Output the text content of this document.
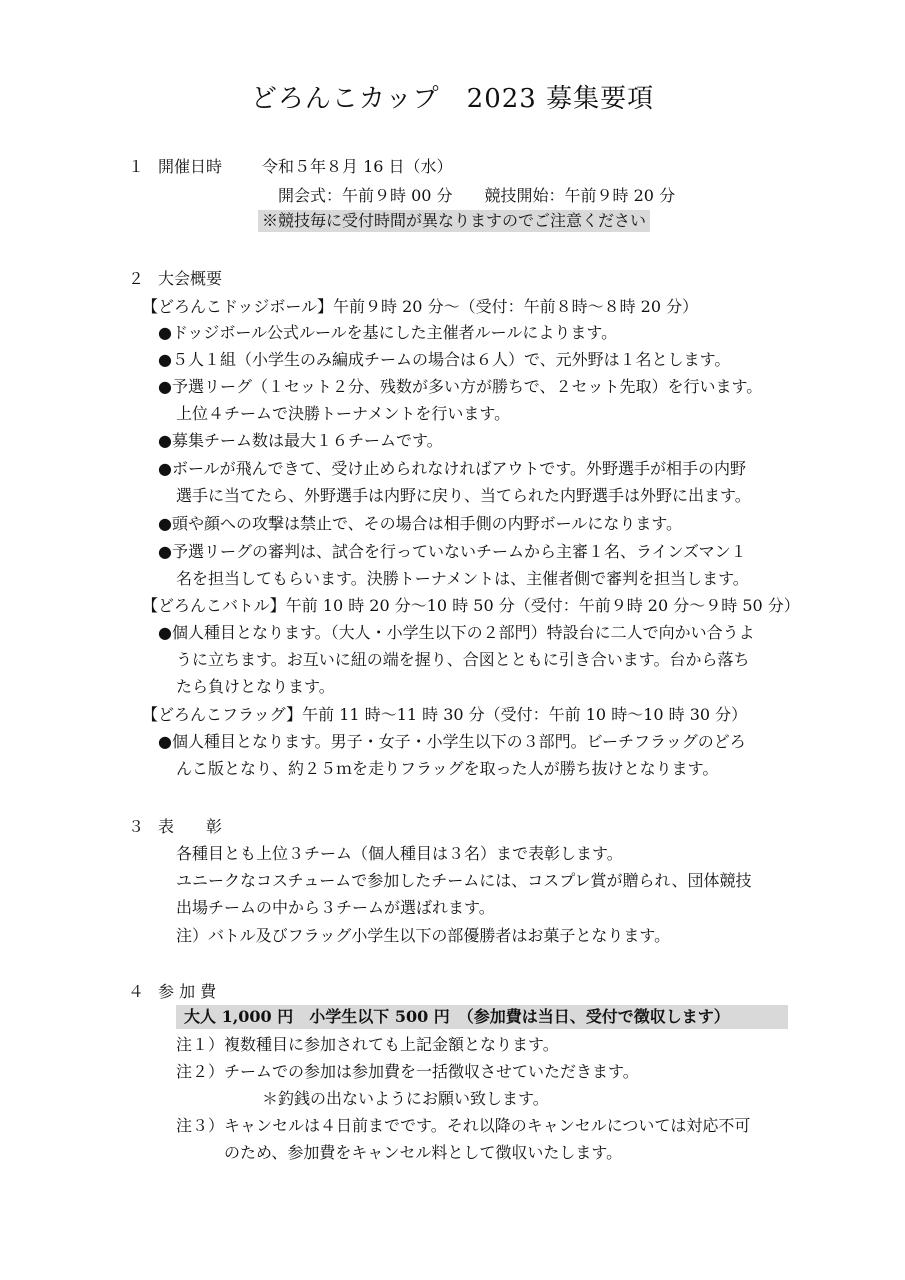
どろんこカップ　2023 募集要項
１ 開催日時 令和５年８月 16 日（水）
開会式：午前９時 00 分　　競技開始：午前９時 20 分
※競技毎に受付時間が異なりますのでご注意ください
２ 大会概要
【どろんこドッジボール】午前９時 20 分～（受付：午前８時～８時 20 分）
●ドッジボール公式ルールを基にした主催者ルールによります。
●５人１組（小学生のみ編成チームの場合は６人）で、元外野は１名とします。
●予選リーグ（１セット２分、残数が多い方が勝ちで、２セット先取）を行います。
上位４チームで決勝トーナメントを行います。
●募集チーム数は最大１６チームです。
●ボールが飛んできて、受け止められなければアウトです。外野選手が相手の内野
選手に当てたら、外野選手は内野に戻り、当てられた内野選手は外野に出ます。
●頭や顔への攻撃は禁止で、その場合は相手側の内野ボールになります。
●予選リーグの審判は、試合を行っていないチームから主審１名、ラインズマン１
名を担当してもらいます。決勝トーナメントは、主催者側で審判を担当します。
【どろんこバトル】午前 10 時 20 分～10 時 50 分（受付：午前９時 20 分～９時 50 分）
●個人種目となります。（大人・小学生以下の２部門）特設台に二人で向かい合うよ
うに立ちます。お互いに紐の端を握り、合図とともに引き合います。台から落ち
たら負けとなります。
【どろんこフラッグ】午前 11 時～11 時 30 分（受付：午前 10 時～10 時 30 分）
●個人種目となります。男子・女子・小学生以下の３部門。ビーチフラッグのどろ
んこ版となり、約２５ｍを走りフラッグを取った人が勝ち抜けとなります。
３ 表　　彰
各種目とも上位３チーム（個人種目は３名）まで表彰します。
ユニークなコスチュームで参加したチームには、コスプレ賞が贈られ、団体競技
出場チームの中から３チームが選ばれます。
注）バトル及びフラッグ小学生以下の部優勝者はお菓子となります。
４ 参 加 費
大人 1,000 円　小学生以下 500 円　（参加費は当日、受付で徴収します）
注１）複数種目に参加されても上記金額となります。
注２）チームでの参加は参加費を一括徴収させていただきます。
＊釣銭の出ないようにお願い致します。
注３）キャンセルは４日前までです。それ以降のキャンセルについては対応不可
のため、参加費をキャンセル料として徴収いたします。
